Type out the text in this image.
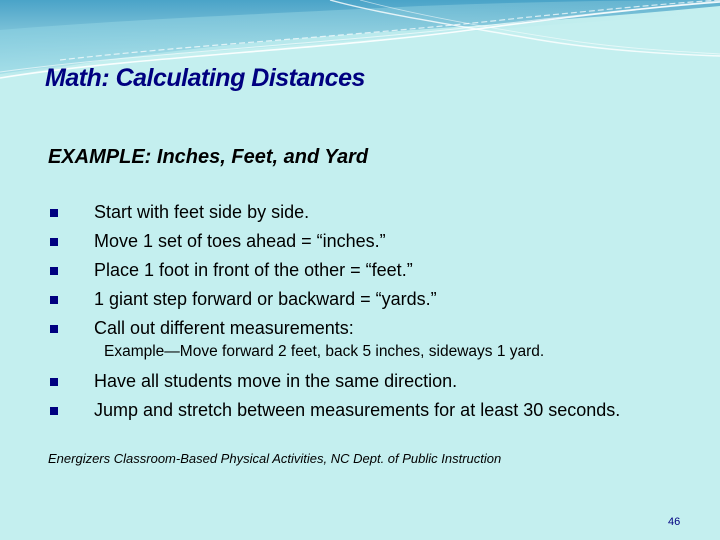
Math: Calculating Distances
EXAMPLE: Inches, Feet, and Yard
Start with feet side by side.
Move 1 set of toes ahead = “inches.”
Place 1 foot in front of the other = “feet.”
1 giant step forward or backward = “yards.”
Call out different measurements:

Example—Move forward 2 feet, back 5 inches, sideways 1 yard.

Have all students move in the same direction.
Jump and stretch between measurements for at least 30 seconds.

Energizers Classroom-Based Physical Activities, NC Dept. of Public Instruction

46
